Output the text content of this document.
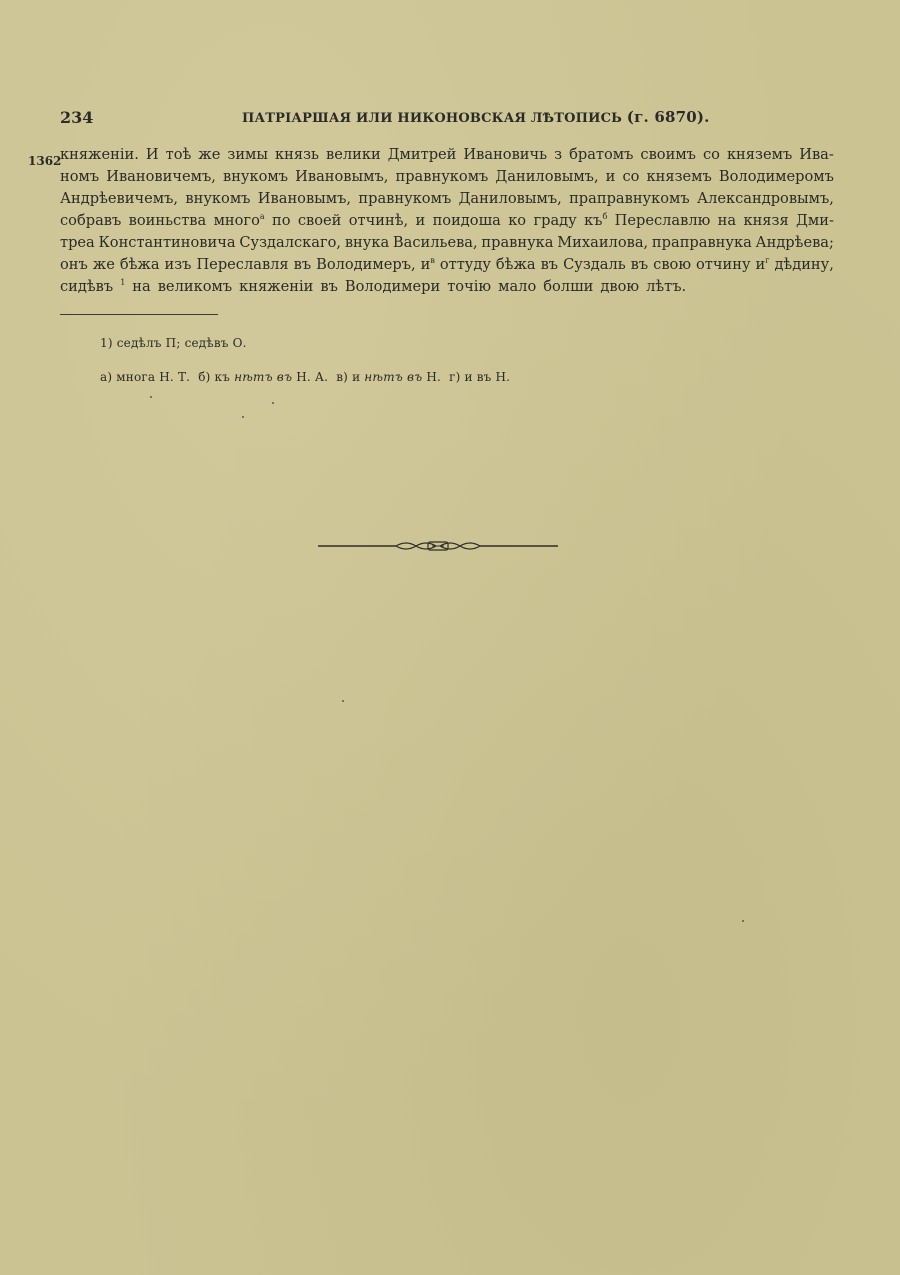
234	ПАТРІАРШАЯ ИЛИ НИКОНОВСКАЯ ЛѢТОПИСЬ (г. 6870).
1362
княженіи. И тоѣ же зимы князь велики Дмитрей Ивановичь з братомъ своимъ со княземъ Ива-
номъ Ивановичемъ, внукомъ Ивановымъ, правнукомъ Даниловымъ, и со княземъ Володимеромъ
Андрѣевичемъ, внукомъ Ивановымъ, правнукомъ Даниловымъ, праправнукомъ Александровымъ,
собравъ воиньства много$^а$ по своей отчинѣ, и поидоша ко граду $къ^б$ Переславлю на князя Дми-
треа Константиновича Суздалскаго, внука Васильева, правнука Михаилова, праправнука Андрѣева;
онъ же бѣжа изъ Переславля въ Володимеръ, $и^в$ оттуду бѣжа въ Суздаль въ свою отчину $и^г$ дѣдину,
сидѣвъ $^1$ на великомъ княженіи въ Володимери точію мало болши двою лѣтъ.
1) седѣлъ П; седѣвъ О.
а) многа Н. Т. б) къ нѣтъ въ Н. А. в) и нѣтъ въ Н. г) и въ Н.
